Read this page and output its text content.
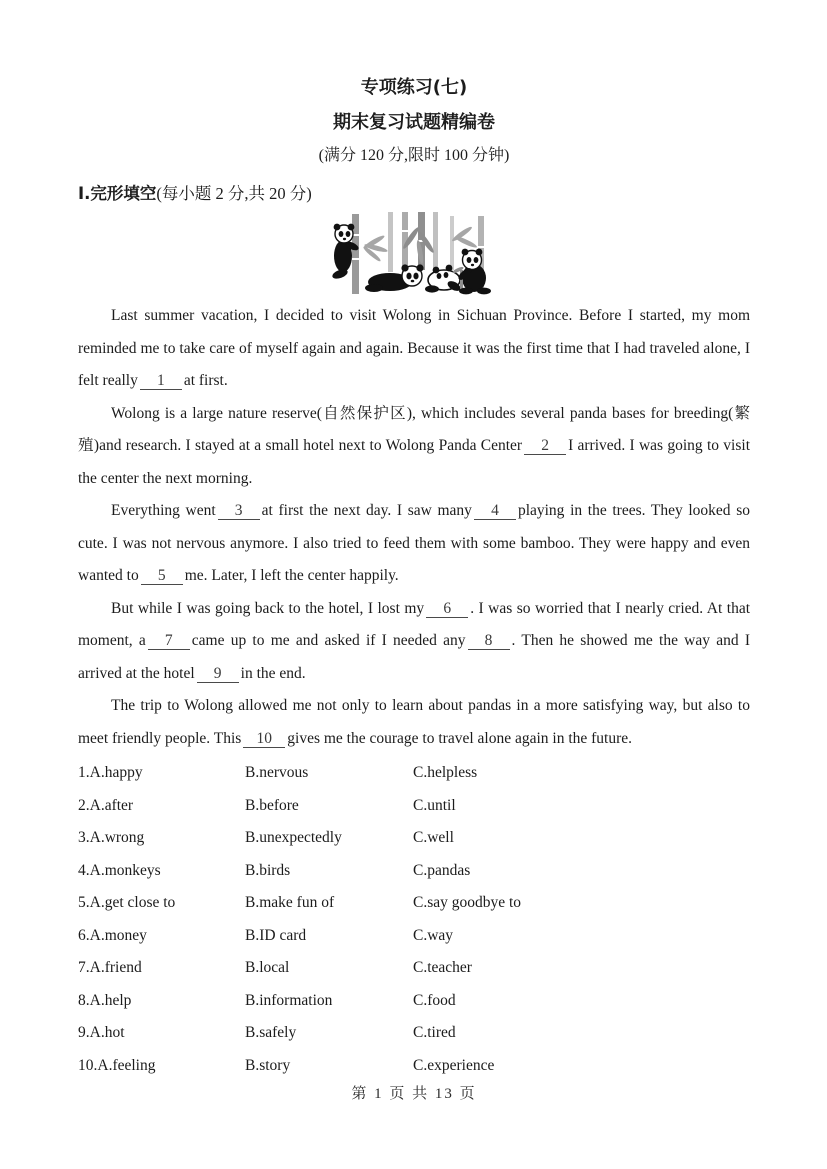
专项练习(七)
期末复习试题精编卷
(满分 120 分,限时 100 分钟)
I.完形填空(每小题 2 分,共 20 分)

Last summer vacation, I decided to visit Wolong in Sichuan Province. Before I started, my mom reminded me to take care of myself again and again. Because it was the first time that I had traveled alone, I felt really 1 at first.

Wolong is a large nature reserve(自然保护区), which includes several panda bases for breeding(繁殖)and research. I stayed at a small hotel next to Wolong Panda Center 2 I arrived. I was going to visit the center the next morning.

Everything went 3 at first the next day. I saw many 4 playing in the trees. They looked so cute. I was not nervous anymore. I also tried to feed them with some bamboo. They were happy and even wanted to 5 me. Later, I left the center happily.

But while I was going back to the hotel, I lost my 6 . I was so worried that I nearly cried. At that moment, a 7 came up to me and asked if I needed any 8 . Then he showed me the way and I arrived at the hotel 9 in the end.

The trip to Wolong allowed me not only to learn about pandas in a more satisfying way, but also to meet friendly people. This 10 gives me the courage to travel alone again in the future.

1.A.happy	B.nervous	C.helpless
2.A.after	B.before	C.until
3.A.wrong	B.unexpectedly	C.well
4.A.monkeys	B.birds	C.pandas
5.A.get close to	B.make fun of	C.say goodbye to
6.A.money	B.ID card	C.way
7.A.friend	B.local	C.teacher
8.A.help	B.information	C.food
9.A.hot	B.safely	C.tired
10.A.feeling	B.story	C.experience
第 1 页 共 13 页
